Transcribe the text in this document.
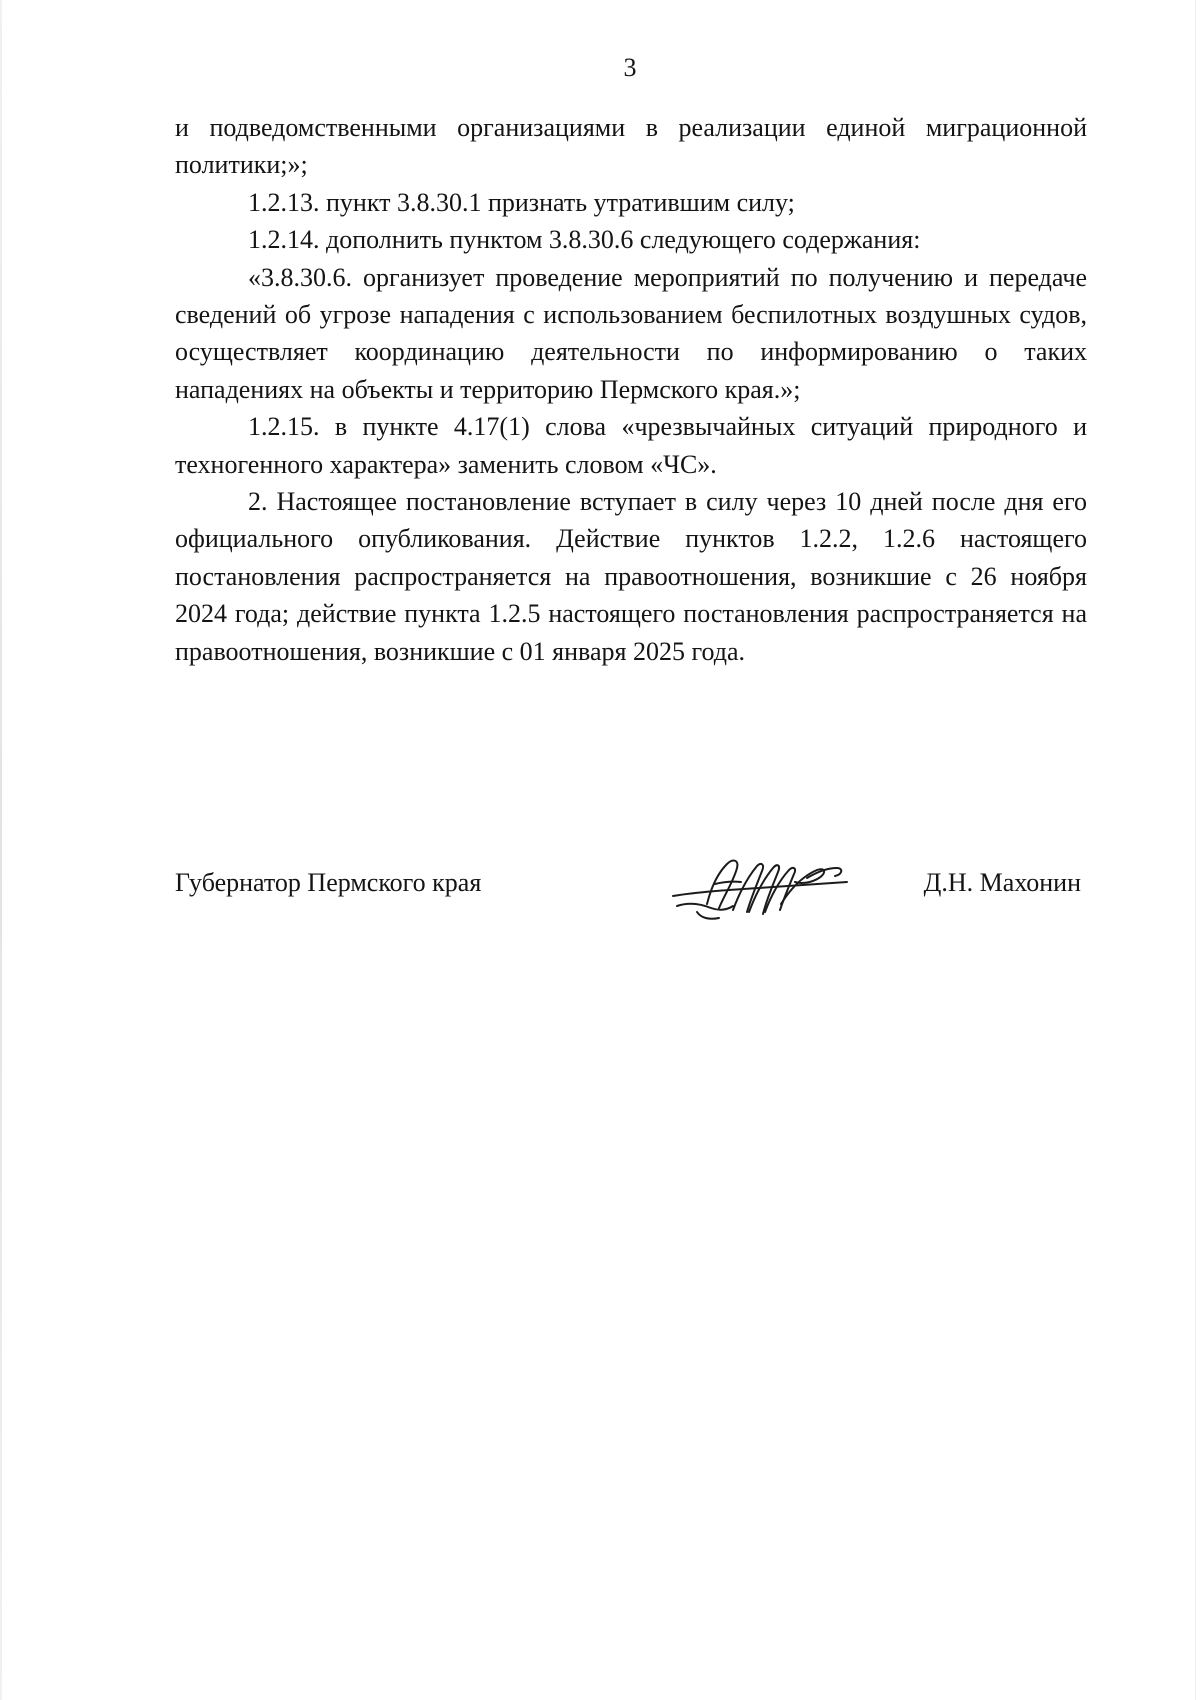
3

и подведомственными организациями в реализации единой миграционной политики;»;

1.2.13. пункт 3.8.30.1 признать утратившим силу;

1.2.14. дополнить пунктом 3.8.30.6 следующего содержания:

«3.8.30.6. организует проведение мероприятий по получению и передаче сведений об угрозе нападения с использованием беспилотных воздушных судов, осуществляет координацию деятельности по информированию о таких нападениях на объекты и территорию Пермского края.»;

1.2.15. в пункте 4.17(1) слова «чрезвычайных ситуаций природного и техногенного характера» заменить словом «ЧС».

2. Настоящее постановление вступает в силу через 10 дней после дня его официального опубликования. Действие пунктов 1.2.2, 1.2.6 настоящего постановления распространяется на правоотношения, возникшие с 26 ноября 2024 года; действие пункта 1.2.5 настоящего постановления распространяется на правоотношения, возникшие с 01 января 2025 года.

Губернатор Пермского края	Д.Н. Махонин
